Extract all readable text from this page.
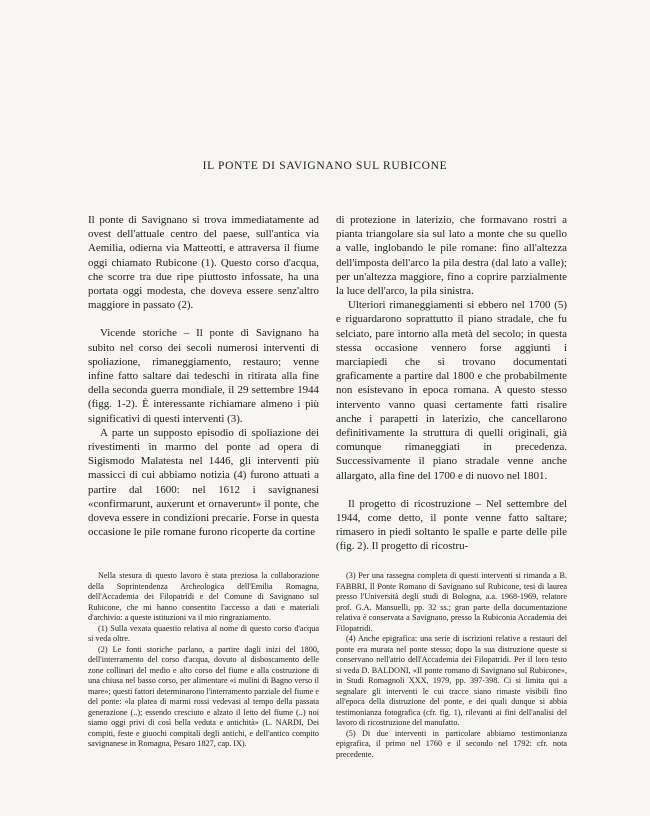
IL PONTE DI SAVIGNANO SUL RUBICONE

Il ponte di Savignano si trova immediatamente ad ovest dell'attuale centro del paese, sull'antica via Aemilia, odierna via Matteotti, e attraversa il fiume oggi chiamato Rubicone (1). Questo corso d'acqua, che scorre tra due ripe piuttosto infossate, ha una portata oggi modesta, che doveva essere senz'altro maggiore in passato (2).

Vicende storiche – Il ponte di Savignano ha subito nel corso dei secoli numerosi interventi di spoliazione, rimaneggiamento, restauro; venne infine fatto saltare dai tedeschi in ritirata alla fine della seconda guerra mondiale, il 29 settembre 1944 (figg. 1-2). È interessante richiamare almeno i più significativi di questi interventi (3).

A parte un supposto episodio di spoliazione dei rivestimenti in marmo del ponte ad opera di Sigismodo Malatesta nel 1446, gli interventi più massicci di cui abbiamo notizia (4) furono attuati a partire dal 1600: nel 1612 i savignanesi «confirmarunt, auxerunt et ornaverunt» il ponte, che doveva essere in condizioni precarie. Forse in questa occasione le pile romane furono ricoperte da cortine

di protezione in laterizio, che formavano rostri a pianta triangolare sia sul lato a monte che su quello a valle, inglobando le pile romane: fino all'altezza dell'imposta dell'arco la pila destra (dal lato a valle); per un'altezza maggiore, fino a coprire parzialmente la luce dell'arco, la pila sinistra.

Ulteriori rimaneggiamenti si ebbero nel 1700 (5) e riguardarono soprattutto il piano stradale, che fu selciato, pare intorno alla metà del secolo; in questa stessa occasione vennero forse aggiunti i marciapiedi che si trovano documentati graficamente a partire dal 1800 e che probabilmente non esistevano in epoca romana. A questo stesso intervento vanno quasi certamente fatti risalire anche i parapetti in laterizio, che cancellarono definitivamente la struttura di quelli originali, già comunque rimaneggiati in precedenza. Successivamente il piano stradale venne anche allargato, alla fine del 1700 e di nuovo nel 1801.

Il progetto di ricostruzione – Nel settembre del 1944, come detto, il ponte venne fatto saltare; rimasero in piedi soltanto le spalle e parte delle pile (fig. 2). Il progetto di ricostru-

Nella stesura di questo lavoro è stata preziosa la collaborazione della Soprintendenza Archeologica dell'Emilia Romagna, dell'Accademia dei Filopatridi e del Comune di Savignano sul Rubicone, che mi hanno consentito l'accesso a dati e materiali d'archivio: a queste istituzioni va il mio ringraziamento.

(1) Sulla vexata quaestio relativa al nome di questo corso d'acqua si veda oltre.

(2) Le fonti storiche parlano, a partire dagli inizi del 1800, dell'interramento del corso d'acqua, dovuto al disboscamento delle zone collinari del medio e alto corso del fiume e alla costruzione di una chiusa nel basso corso, per alimentare «i mulini di Bagno verso il mare»; questi fattori determinarono l'interramento parziale del fiume e del ponte: «la platea di marmi rossi vedevasi al tempo della passata generazione (..); essendo cresciuto e alzato il letto del fiume (..) noi siamo oggi privi di così bella veduta e antichità» (L. NARDI, Dei compiti, feste e giuochi compitali degli antichi, e dell'antico compito savignanese in Romagna, Pesaro 1827, cap. IX).

(3) Per una rassegna completa di questi interventi si rimanda a B. FABBRI, Il Ponte Romano di Savignano sul Rubicone, tesi di laurea presso l'Università degli studi di Bologna, a.a. 1968-1969, relatore prof. G.A. Mansuelli, pp. 32 ss.; gran parte della documentazione relativa è conservata a Savignano, presso la Rubiconia Accademia dei Filopatridi.

(4) Anche epigrafica: una serie di iscrizioni relative a restauri del ponte era murata nel ponte stesso; dopo la sua distruzione queste si conservano nell'atrio dell'Accademia dei Filopatridi. Per il loro testo si veda D. BALDONI, «Il ponte romano di Savignano sul Rubicone», in Studi Romagnoli XXX, 1979, pp. 397-398. Ci si limita qui a segnalare gli interventi le cui tracce siano rimaste visibili fino all'epoca della distruzione del ponte, e dei quali dunque si abbia testimonianza fotografica (cfr. fig. 1), rilevanti ai fini dell'analisi del lavoro di ricostruzione del manufatto.

(5) Di due interventi in particolare abbiamo testimonianza epigrafica, il primo nel 1760 e il secondo nel 1792: cfr. nota precedente.
